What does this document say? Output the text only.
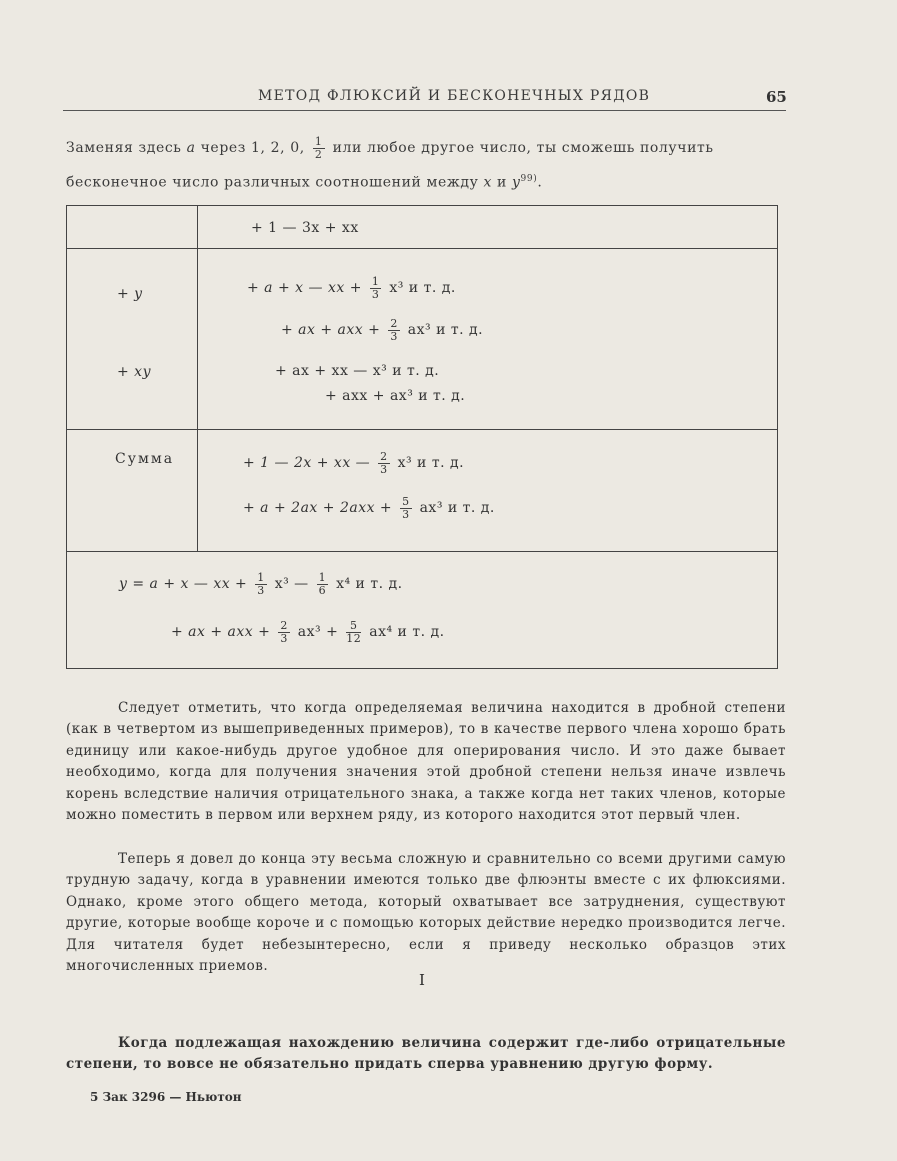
МЕТОД ФЛЮКСИЙ И БЕСКОНЕЧНЫХ РЯДОВ	65
Заменяя здесь a через 1, 2, 0, $\frac{1}{2}$ или любое другое число, ты сможешь получить
бесконечное число различных соотношений между x и $y^{99)}$.
+ 1 — 3x + xx
+ y
+ xy
Сумма
+ a + x — xx + $\frac{1}{3} x^3$ и т. д.
+ ax + axx + $\frac{2}{3} ax^3$ и т. д.
+ ax + xx — x³ и т. д.
+ axx + ax³ и т. д.
+ 1 — 2x + xx — $\frac{2}{3} x^3$ и т. д.
+ $a + 2ax + 2axx + \frac{5}{3} ax^3$ и т. д.
y = a + x — xx + $\frac{1}{3} x^3$ — $\frac{1}{6} x^4$ и т. д.
+ ax + axx + $\frac{2}{3} ax^3 + \frac{5}{12} ax^4$ и т. д.

Следует отметить, что когда определяемая величина находится в дробной степени (как в четвертом из вышеприведенных примеров), то в качестве первого члена хорошо брать единицу или какое-нибудь другое удобное для оперирования число. И это даже бывает необходимо, когда для получения значения этой дробной степени нельзя иначе извлечь корень вследствие наличия отрицательного знака, а также когда нет таких членов, которые можно поместить в первом или верхнем ряду, из которого находится этот первый член.

Теперь я довел до конца эту весьма сложную и сравнительно со всеми другими самую трудную задачу, когда в уравнении имеются только две флюэнты вместе с их флюксиями. Однако, кроме этого общего метода, который охватывает все затруднения, существуют другие, которые вообще короче и с помощью которых действие нередко производится легче. Для читателя будет небезынтересно, если я приведу несколько образцов этих многочисленных приемов.

I

Когда подлежащая нахождению величина содержит где-либо отрицательные степени, то вовсе не обязательно придать сперва уравнению другую форму.

5 Зак 3296 — Ньютон
